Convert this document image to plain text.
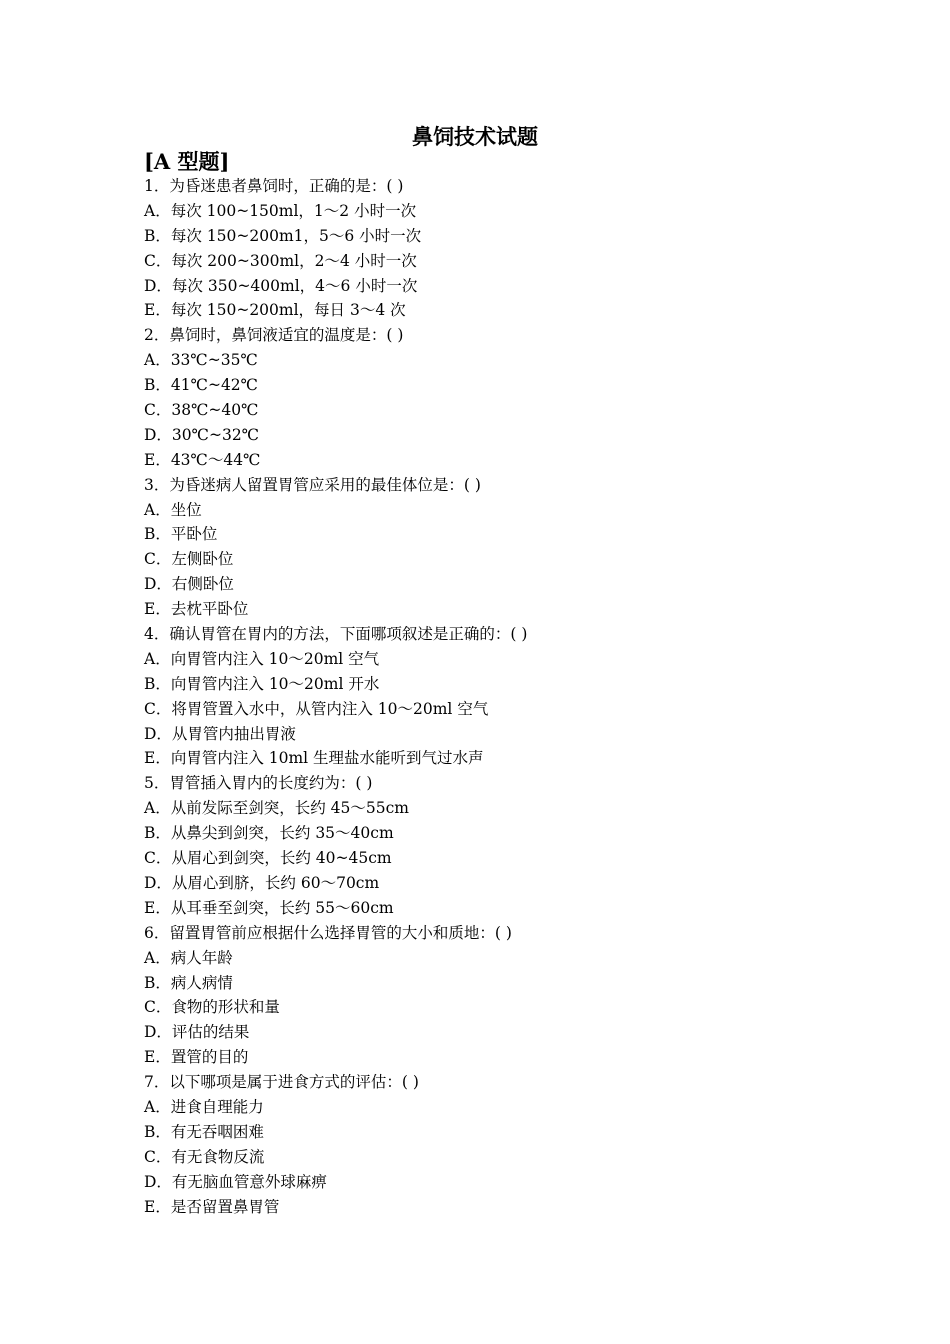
鼻饲技术试题
[A 型题]
1．为昏迷患者鼻饲时，正确的是：( )
A．每次 100~150ml，1～2 小时一次
B．每次 150~200m1，5～6 小时一次
C．每次 200~300ml，2～4 小时一次
D．每次 350~400ml，4～6 小时一次
E．每次 150~200ml，每日 3～4 次
2．鼻饲时，鼻饲液适宜的温度是：( )
A．33℃~35℃
B．41℃~42℃
C．38℃~40℃
D．30℃~32℃
E．43℃～44℃
3．为昏迷病人留置胃管应采用的最佳体位是：( )
A．坐位
B．平卧位
C．左侧卧位
D．右侧卧位
E．去枕平卧位
4．确认胃管在胃内的方法，下面哪项叙述是正确的：( )
A．向胃管内注入 10～20ml 空气
B．向胃管内注入 10～20ml 开水
C．将胃管置入水中，从管内注入 10～20ml 空气
D．从胃管内抽出胃液
E．向胃管内注入 10ml 生理盐水能听到气过水声
5．胃管插入胃内的长度约为：( )
A．从前发际至剑突，长约 45～55cm
B．从鼻尖到剑突，长约 35～40cm
C．从眉心到剑突，长约 40~45cm
D．从眉心到脐，长约 60～70cm
E．从耳垂至剑突，长约 55～60cm
6．留置胃管前应根据什么选择胃管的大小和质地：( )
A．病人年龄
B．病人病情
C．食物的形状和量
D．评估的结果
E．置管的目的
7．以下哪项是属于进食方式的评估：( )
A．进食自理能力
B．有无吞咽困难
C．有无食物反流
D．有无脑血管意外球麻痹
E．是否留置鼻胃管
